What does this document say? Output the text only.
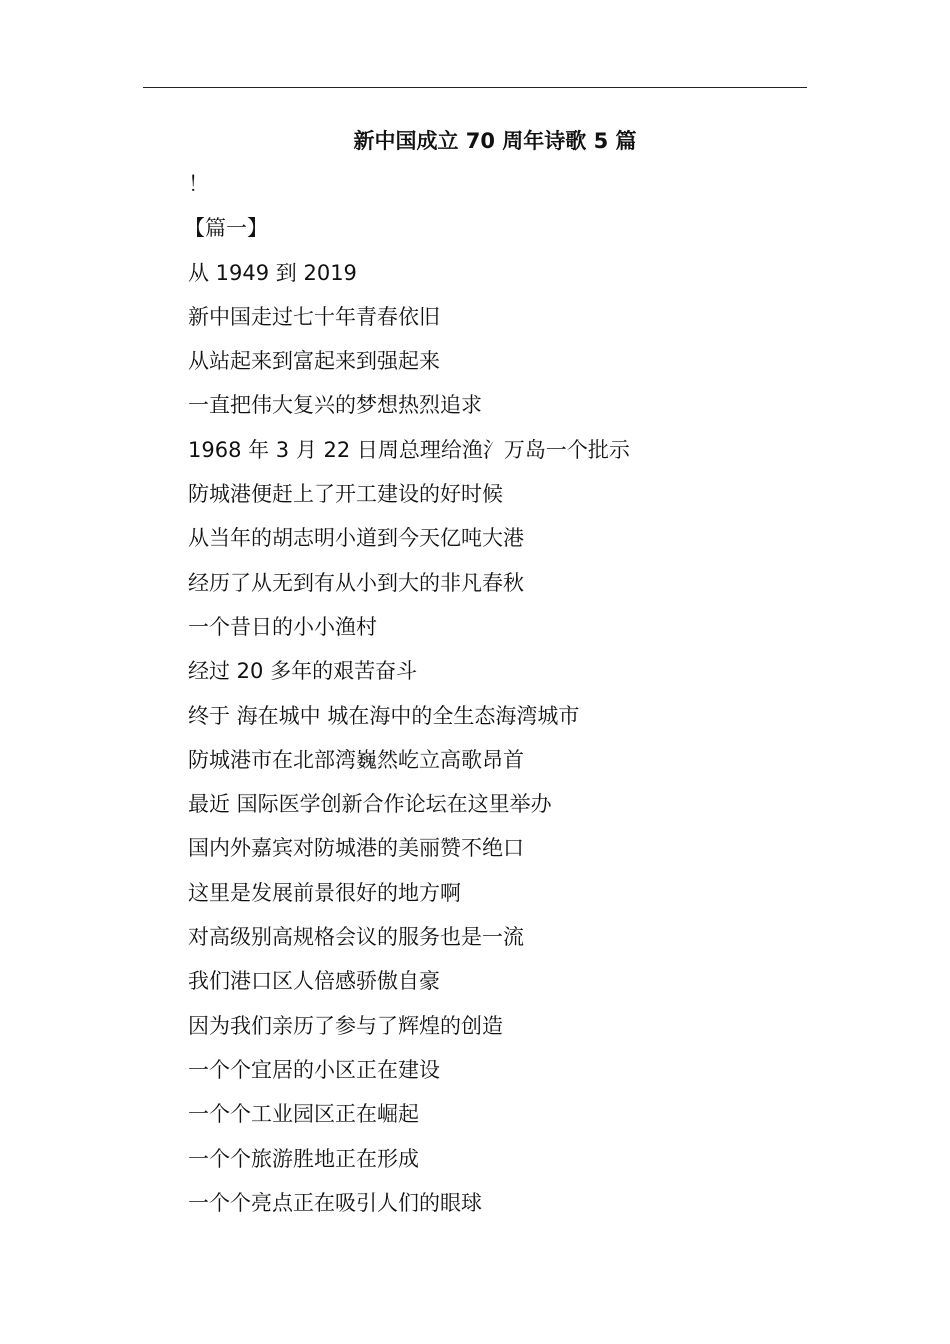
新中国成立 70 周年诗歌 5 篇
！
【篇一】
从 1949 到 2019
新中国走过七十年青春依旧
从站起来到富起来到强起来
一直把伟大复兴的梦想热烈追求
1968 年 3 月 22 日周总理给渔氵万岛一个批示
防城港便赶上了开工建设的好时候
从当年的胡志明小道到今天亿吨大港
经历了从无到有从小到大的非凡春秋
一个昔日的小小渔村
经过 20 多年的艰苦奋斗
终于 海在城中 城在海中的全生态海湾城市
防城港市在北部湾巍然屹立高歌昂首
最近 国际医学创新合作论坛在这里举办
国内外嘉宾对防城港的美丽赞不绝口
这里是发展前景很好的地方啊
对高级别高规格会议的服务也是一流
我们港口区人倍感骄傲自豪
因为我们亲历了参与了辉煌的创造
一个个宜居的小区正在建设
一个个工业园区正在崛起
一个个旅游胜地正在形成
一个个亮点正在吸引人们的眼球
